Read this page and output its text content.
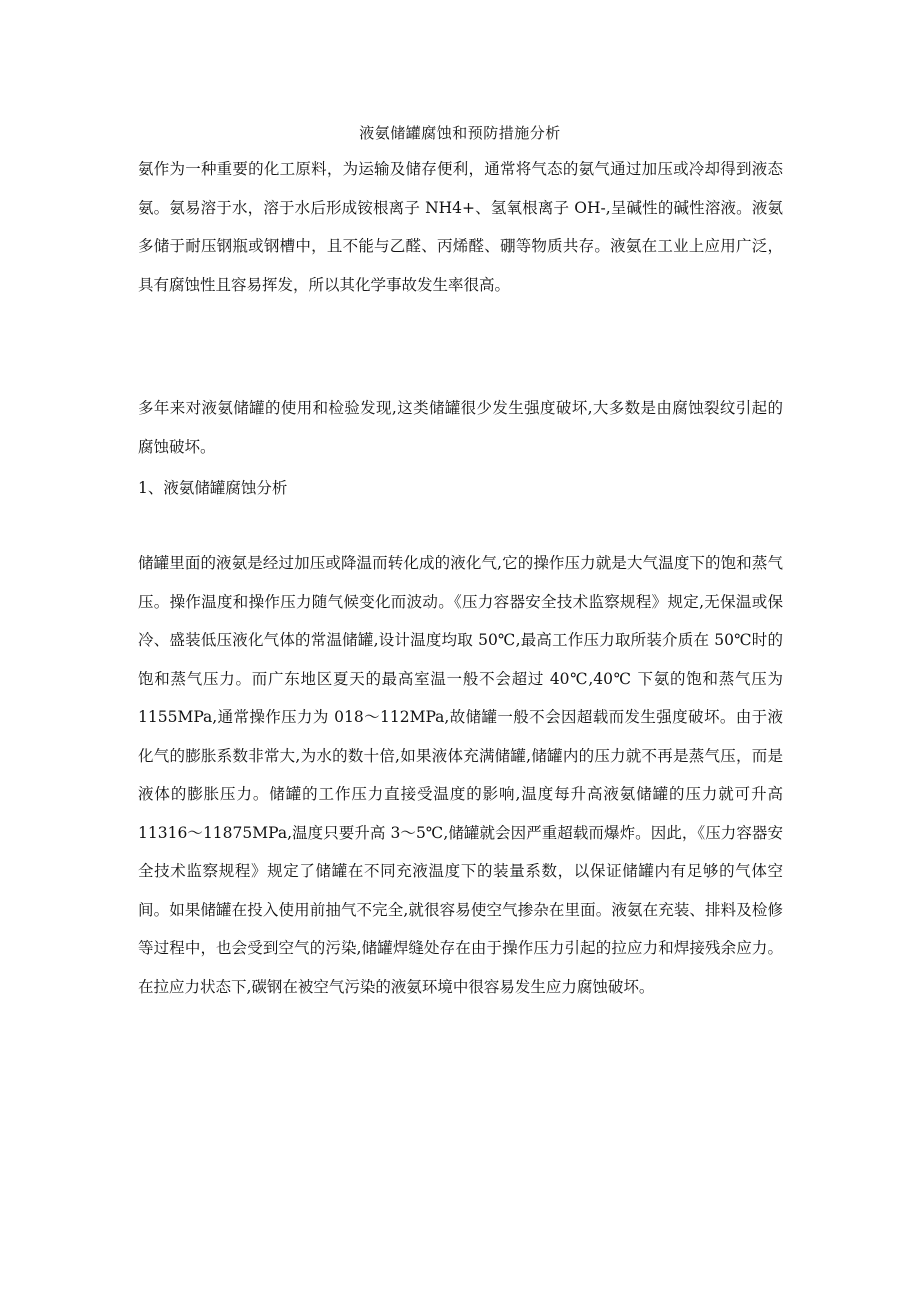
液氨储罐腐蚀和预防措施分析

氨作为一种重要的化工原料，为运输及储存便利，通常将气态的氨气通过加压或冷却得到液态氨。氨易溶于水，溶于水后形成铵根离子 NH4+、氢氧根离子 OH-,呈碱性的碱性溶液。液氨多储于耐压钢瓶或钢槽中，且不能与乙醛、丙烯醛、硼等物质共存。液氨在工业上应用广泛，具有腐蚀性且容易挥发，所以其化学事故发生率很高。

多年来对液氨储罐的使用和检验发现,这类储罐很少发生强度破坏,大多数是由腐蚀裂纹引起的腐蚀破坏。

1、液氨储罐腐蚀分析

储罐里面的液氨是经过加压或降温而转化成的液化气,它的操作压力就是大气温度下的饱和蒸气压。操作温度和操作压力随气候变化而波动。《压力容器安全技术监察规程》规定,无保温或保冷、盛装低压液化气体的常温储罐,设计温度均取 50℃,最高工作压力取所装介质在 50℃时的饱和蒸气压力。而广东地区夏天的最高室温一般不会超过 40℃,40℃ 下氨的饱和蒸气压为 1155MPa,通常操作压力为 018～112MPa,故储罐一般不会因超载而发生强度破坏。由于液化气的膨胀系数非常大,为水的数十倍,如果液体充满储罐,储罐内的压力就不再是蒸气压，而是液体的膨胀压力。储罐的工作压力直接受温度的影响,温度每升高液氨储罐的压力就可升高 11316～11875MPa,温度只要升高 3～5℃,储罐就会因严重超载而爆炸。因此，《压力容器安全技术监察规程》规定了储罐在不同充液温度下的装量系数，以保证储罐内有足够的气体空间。如果储罐在投入使用前抽气不完全,就很容易使空气掺杂在里面。液氨在充装、排料及检修等过程中，也会受到空气的污染,储罐焊缝处存在由于操作压力引起的拉应力和焊接残余应力。在拉应力状态下,碳钢在被空气污染的液氨环境中很容易发生应力腐蚀破坏。
